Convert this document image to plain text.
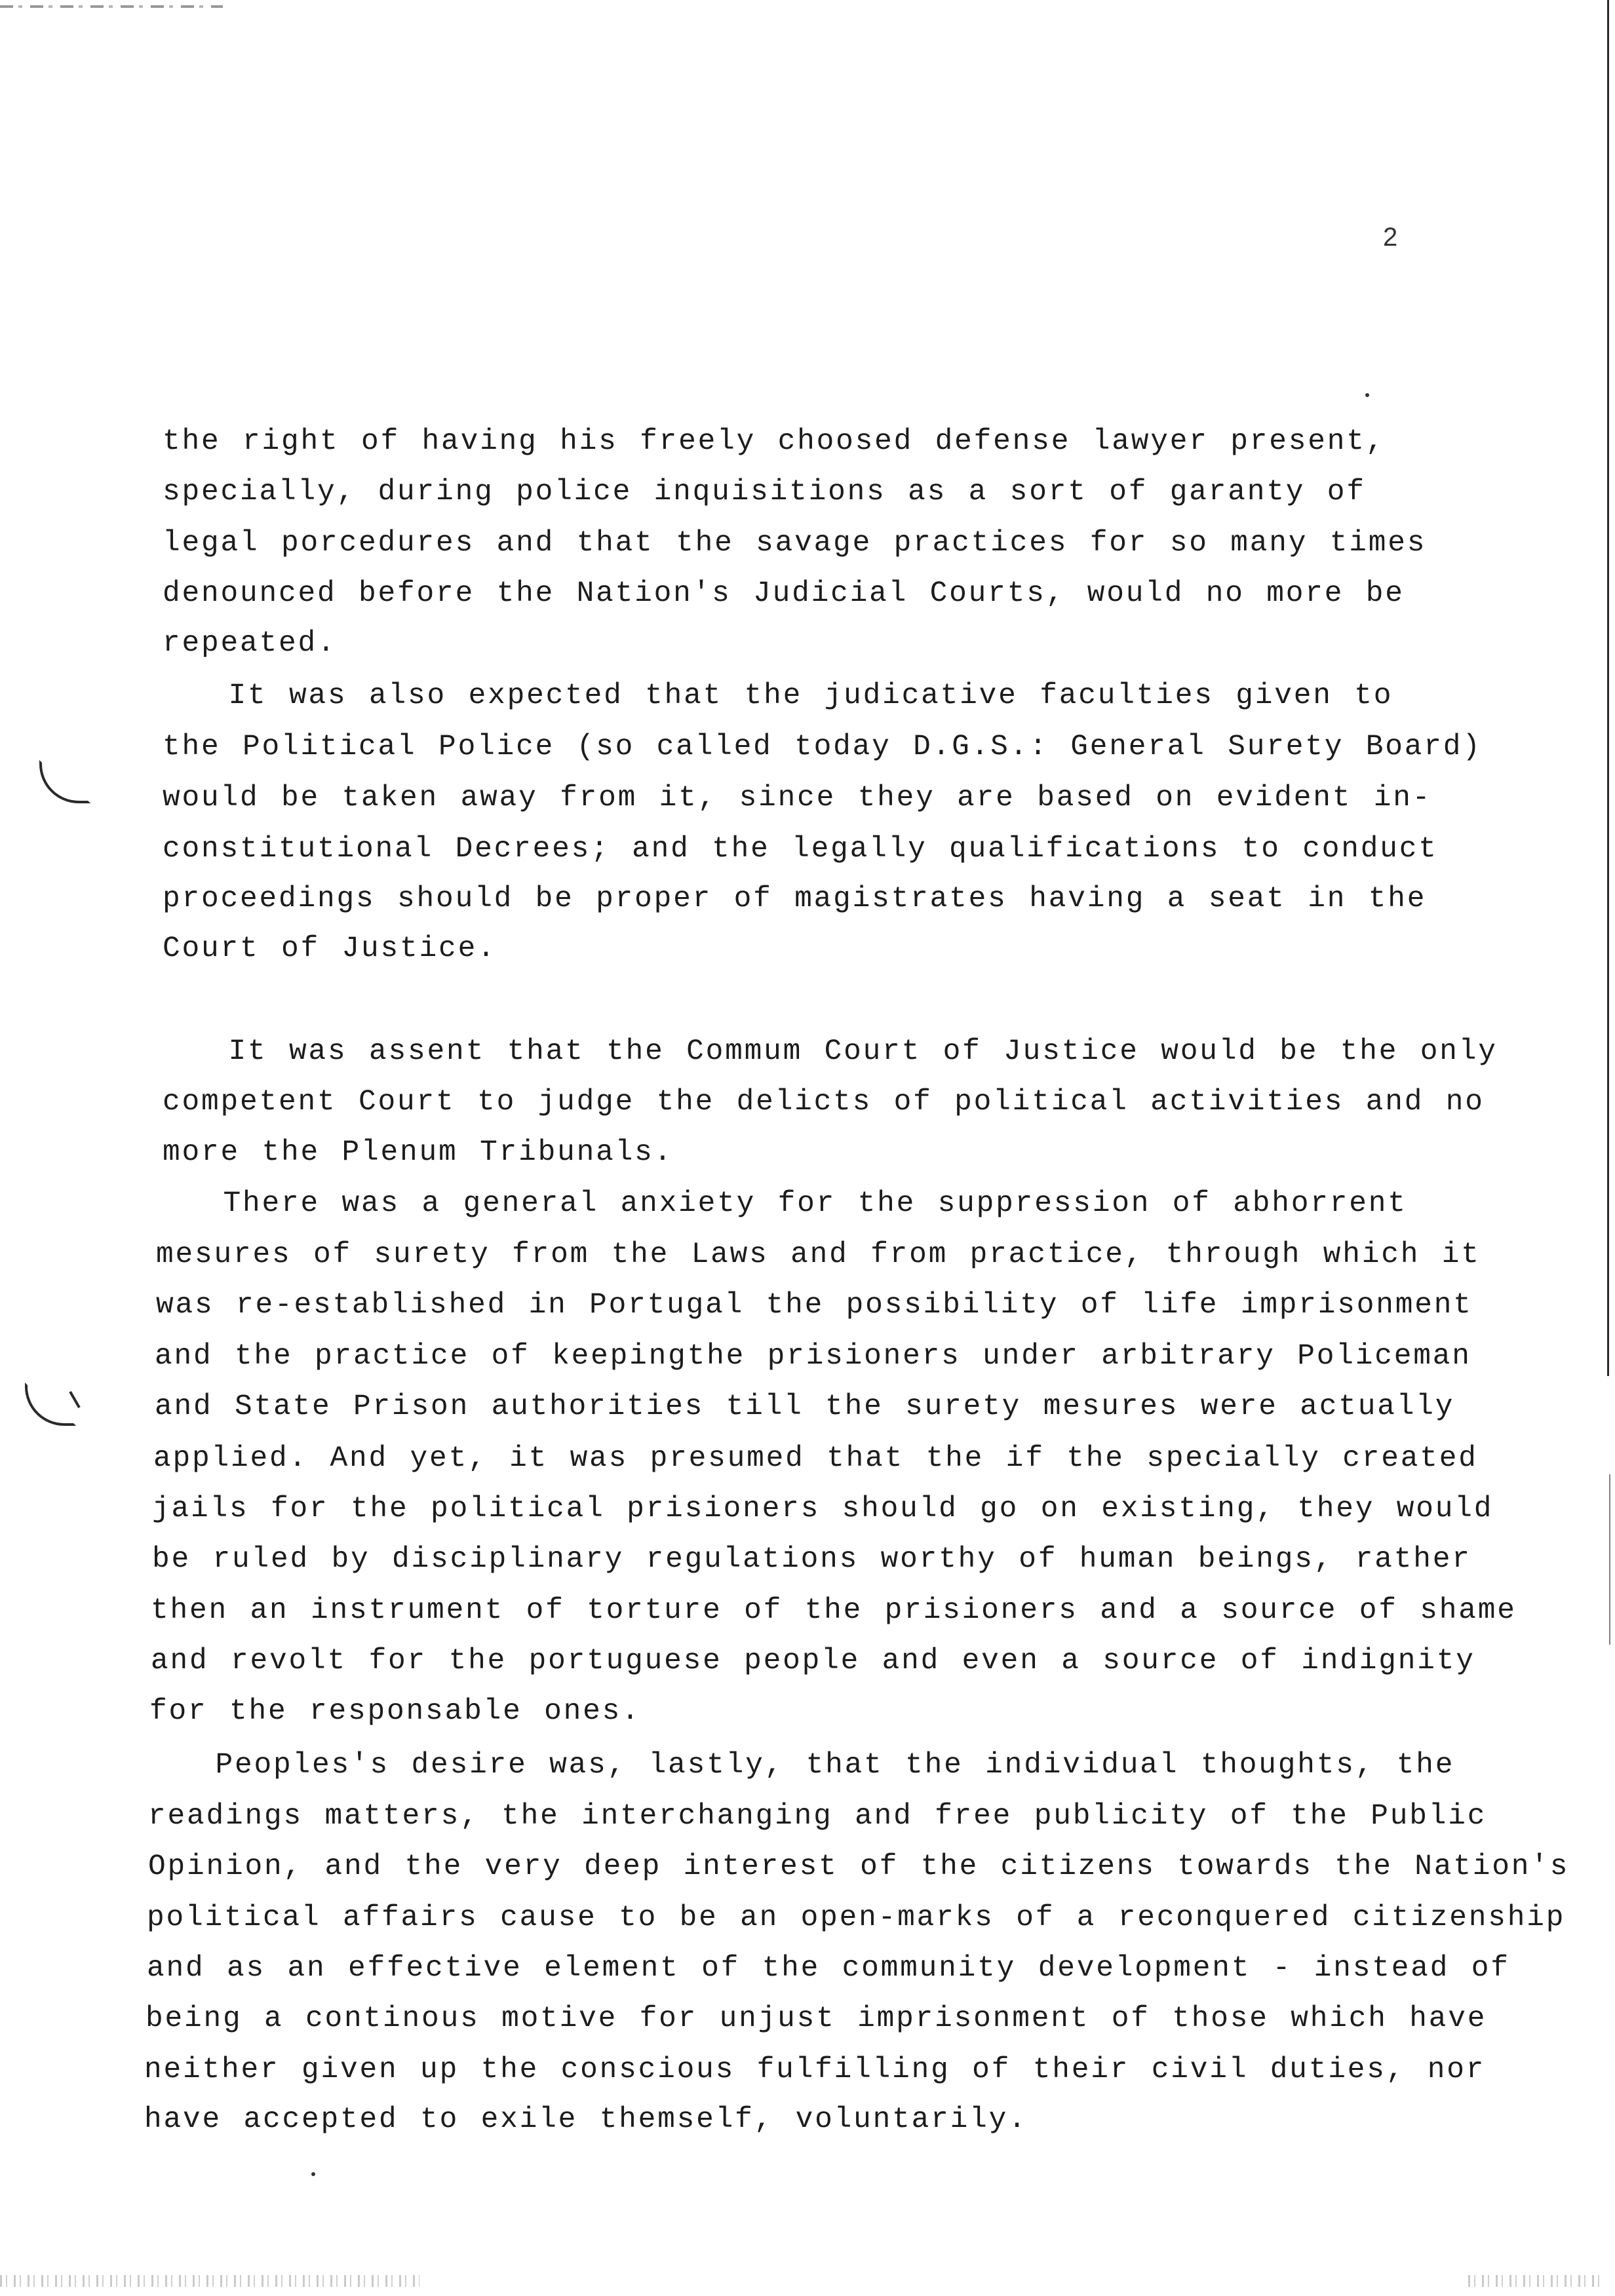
2
the right of having his freely choosed defense lawyer present,
specially, during police inquisitions as a sort of garanty of
legal porcedures and that the savage practices for so many times
denounced before the Nation's Judicial Courts, would no more be
repeated.
It was also expected that the judicative faculties given to
the Political Police (so called today D.G.S.: General Surety Board)
would be taken away from it, since they are based on evident in-
constitutional Decrees; and the legally qualifications to conduct
proceedings should be proper of magistrates having a seat in the
Court of Justice.
It was assent that the Commum Court of Justice would be the only
competent Court to judge the delicts of political activities and no
more the Plenum Tribunals.
There was a general anxiety for the suppression of abhorrent
mesures of surety from the Laws and from practice, through which it
was re-established in Portugal the possibility of life imprisonment
and the practice of keepingthe prisioners under arbitrary Policeman
and State Prison authorities till the surety mesures were actually
applied. And yet, it was presumed that the if the specially created
jails for the political prisioners should go on existing, they would
be ruled by disciplinary regulations worthy of human beings, rather
then an instrument of torture of the prisioners and a source of shame
and revolt for the portuguese people and even a source of indignity
for the responsable ones.
Peoples's desire was, lastly, that the individual thoughts, the
readings matters, the interchanging and free publicity of the Public
Opinion, and the very deep interest of the citizens towards the Nation's
political affairs cause to be an open-marks of a reconquered citizenship
and as an effective element of the community development - instead of
being a continous motive for unjust imprisonment of those which have
neither given up the conscious fulfilling of their civil duties, nor
have accepted to exile themself, voluntarily.
